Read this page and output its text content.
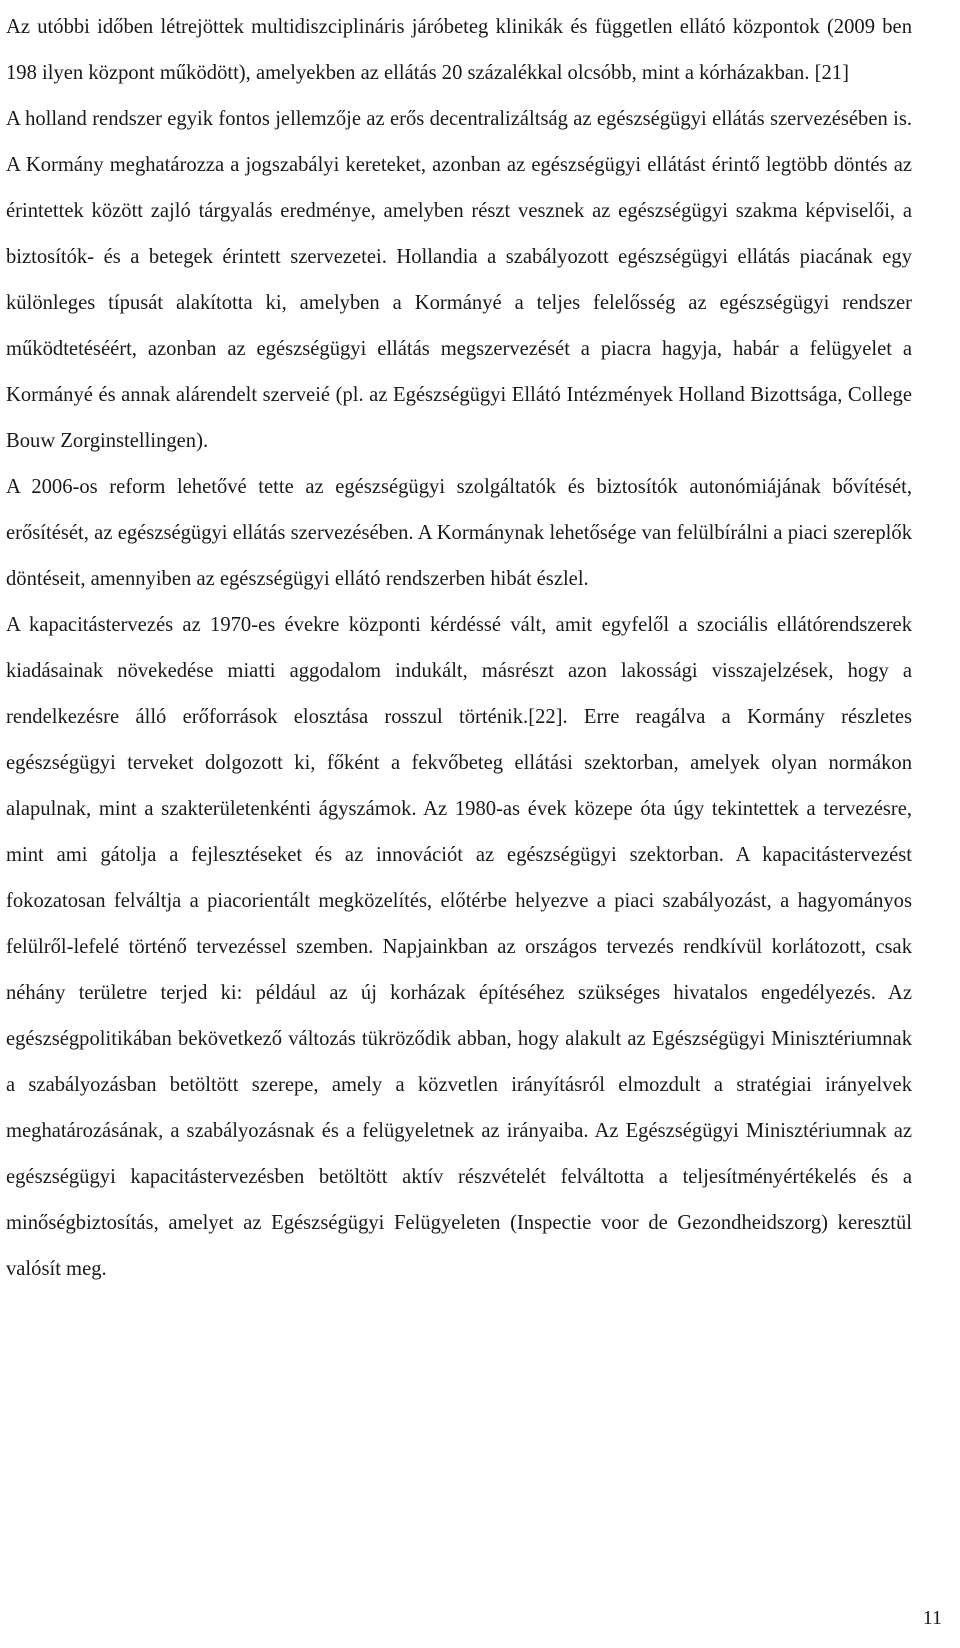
Az utóbbi időben létrejöttek multidiszciplináris járóbeteg klinikák és független ellátó központok (2009 ben 198 ilyen központ működött), amelyekben az ellátás 20 százalékkal olcsóbb, mint a kórházakban. [21]

A holland rendszer egyik fontos jellemzője az erős decentralizáltság az egészségügyi ellátás szervezésében is. A Kormány meghatározza a jogszabályi kereteket, azonban az egészségügyi ellátást érintő legtöbb döntés az érintettek között zajló tárgyalás eredménye, amelyben részt vesznek az egészségügyi szakma képviselői, a biztosítók- és a betegek érintett szervezetei. Hollandia a szabályozott egészségügyi ellátás piacának egy különleges típusát alakította ki, amelyben a Kormányé a teljes felelősség az egészségügyi rendszer működtetéséért, azonban az egészségügyi ellátás megszervezését a piacra hagyja, habár a felügyelet a Kormányé és annak alárendelt szerveié (pl. az Egészségügyi Ellátó Intézmények Holland Bizottsága, College Bouw Zorginstellingen).

A 2006-os reform lehetővé tette az egészségügyi szolgáltatók és biztosítók autonómiájának bővítését, erősítését, az egészségügyi ellátás szervezésében. A Kormánynak lehetősége van felülbírálni a piaci szereplők döntéseit, amennyiben az egészségügyi ellátó rendszerben hibát észlel.

A kapacitástervezés az 1970-es évekre központi kérdéssé vált, amit egyfelől a szociális ellátórendszerek kiadásainak növekedése miatti aggodalom indukált, másrészt azon lakossági visszajelzések, hogy a rendelkezésre álló erőforrások elosztása rosszul történik.[22]. Erre reagálva a Kormány részletes egészségügyi terveket dolgozott ki, főként a fekvőbeteg ellátási szektorban, amelyek olyan normákon alapulnak, mint a szakterületenkénti ágyszámok. Az 1980-as évek közepe óta úgy tekintettek a tervezésre, mint ami gátolja a fejlesztéseket és az innovációt az egészségügyi szektorban. A kapacitástervezést fokozatosan felváltja a piacorientált megközelítés, előtérbe helyezve a piaci szabályozást, a hagyományos felülről-lefelé történő tervezéssel szemben. Napjainkban az országos tervezés rendkívül korlátozott, csak néhány területre terjed ki: például az új korházak építéséhez szükséges hivatalos engedélyezés. Az egészségpolitikában bekövetkező változás tükröződik abban, hogy alakult az Egészségügyi Minisztériumnak a szabályozásban betöltött szerepe, amely a közvetlen irányításról elmozdult a stratégiai irányelvek meghatározásának, a szabályozásnak és a felügyeletnek az irányaiba. Az Egészségügyi Minisztériumnak az egészségügyi kapacitástervezésben betöltött aktív részvételét felváltotta a teljesítményértékelés és a minőségbiztosítás, amelyet az Egészségügyi Felügyeleten (Inspectie voor de Gezondheidszorg) keresztül valósít meg.

11
